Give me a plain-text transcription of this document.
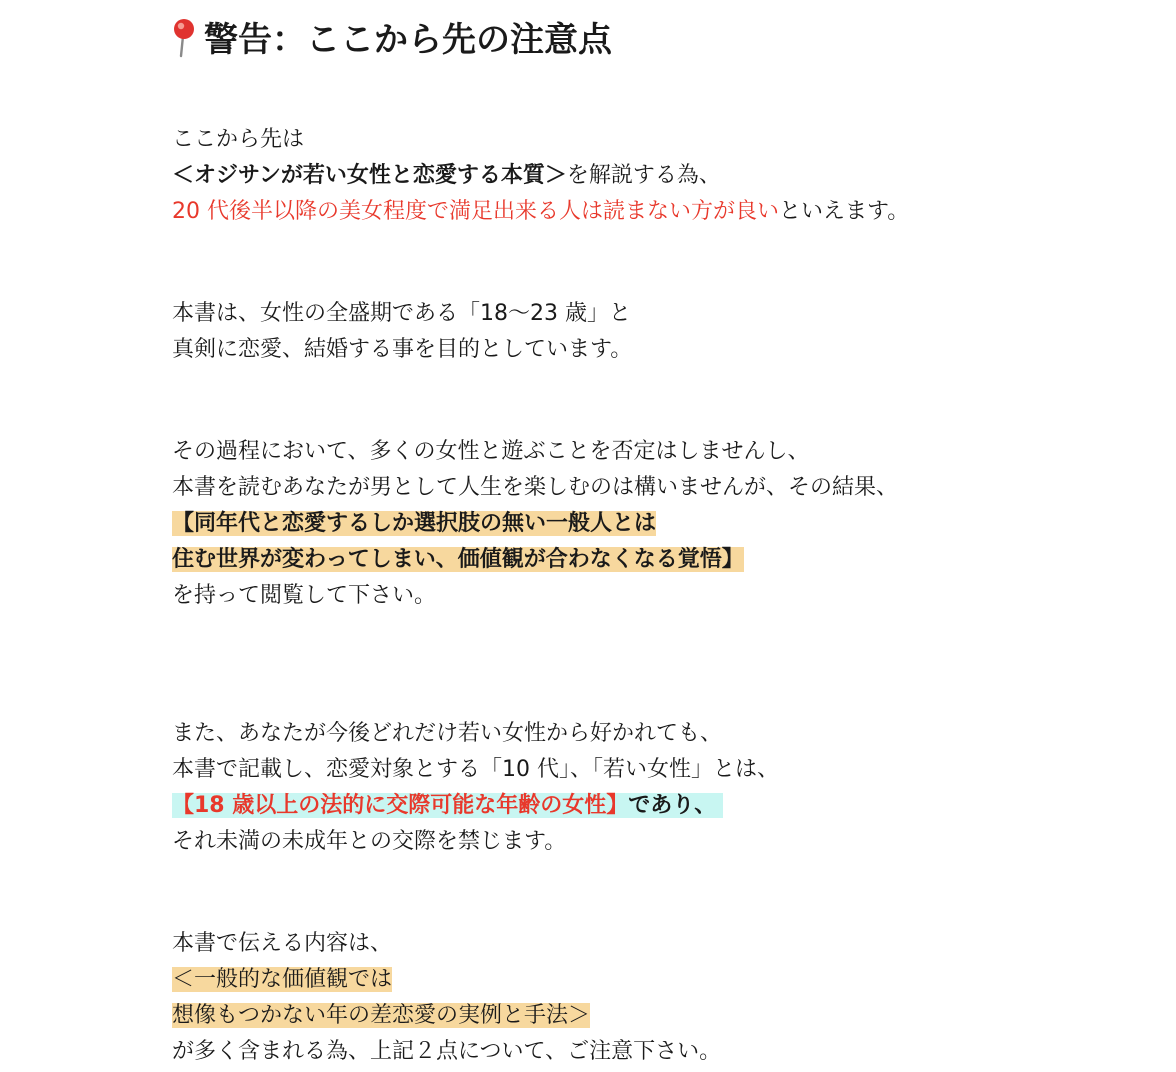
警告：ここから先の注意点
ここから先は
＜オジサンが若い女性と恋愛する本質＞を解説する為、
20 代後半以降の美女程度で満足出来る人は読まない方が良いといえます。
本書は、女性の全盛期である「18〜23 歳」と
真剣に恋愛、結婚する事を目的としています。
その過程において、多くの女性と遊ぶことを否定はしませんし、
本書を読むあなたが男として人生を楽しむのは構いませんが、その結果、
【同年代と恋愛するしか選択肢の無い一般人とは
住む世界が変わってしまい、価値観が合わなくなる覚悟】
を持って閲覧して下さい。
また、あなたが今後どれだけ若い女性から好かれても、
本書で記載し、恋愛対象とする「10 代」、「若い女性」とは、
【18 歳以上の法的に交際可能な年齢の女性】であり、
それ未満の未成年との交際を禁じます。
本書で伝える内容は、
＜一般的な価値観では
想像もつかない年の差恋愛の実例と手法＞
が多く含まれる為、上記２点について、ご注意下さい。
